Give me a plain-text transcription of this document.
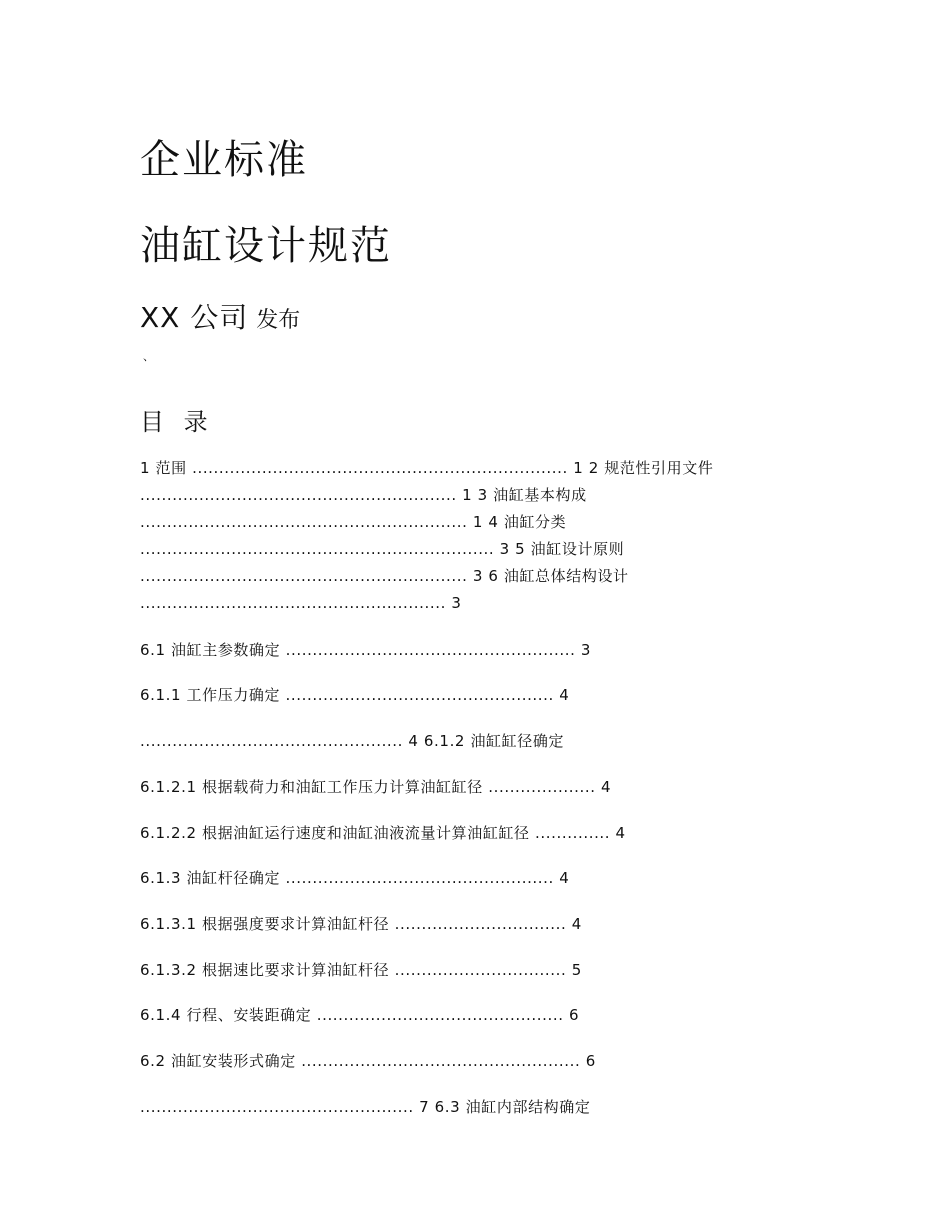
企业标准
油缸设计规范
XX 公司 发布
、
目 录
1 范围 ...................................................................... 1 2 规范性引用文件
........................................................... 1 3 油缸基本构成
............................................................. 1 4 油缸分类
.................................................................. 3 5 油缸设计原则
............................................................. 3 6 油缸总体结构设计
......................................................... 3
6.1 油缸主参数确定 ...................................................... 3
6.1.1 工作压力确定 .................................................. 4
................................................. 4 6.1.2 油缸缸径确定
6.1.2.1 根据载荷力和油缸工作压力计算油缸缸径 .................... 4
6.1.2.2 根据油缸运行速度和油缸油液流量计算油缸缸径 .............. 4
6.1.3 油缸杆径确定 .................................................. 4
6.1.3.1 根据强度要求计算油缸杆径 ................................ 4
6.1.3.2 根据速比要求计算油缸杆径 ................................ 5
6.1.4 行程、安装距确定 .............................................. 6
6.2 油缸安装形式确定 .................................................... 6
................................................... 7 6.3 油缸内部结构确定
